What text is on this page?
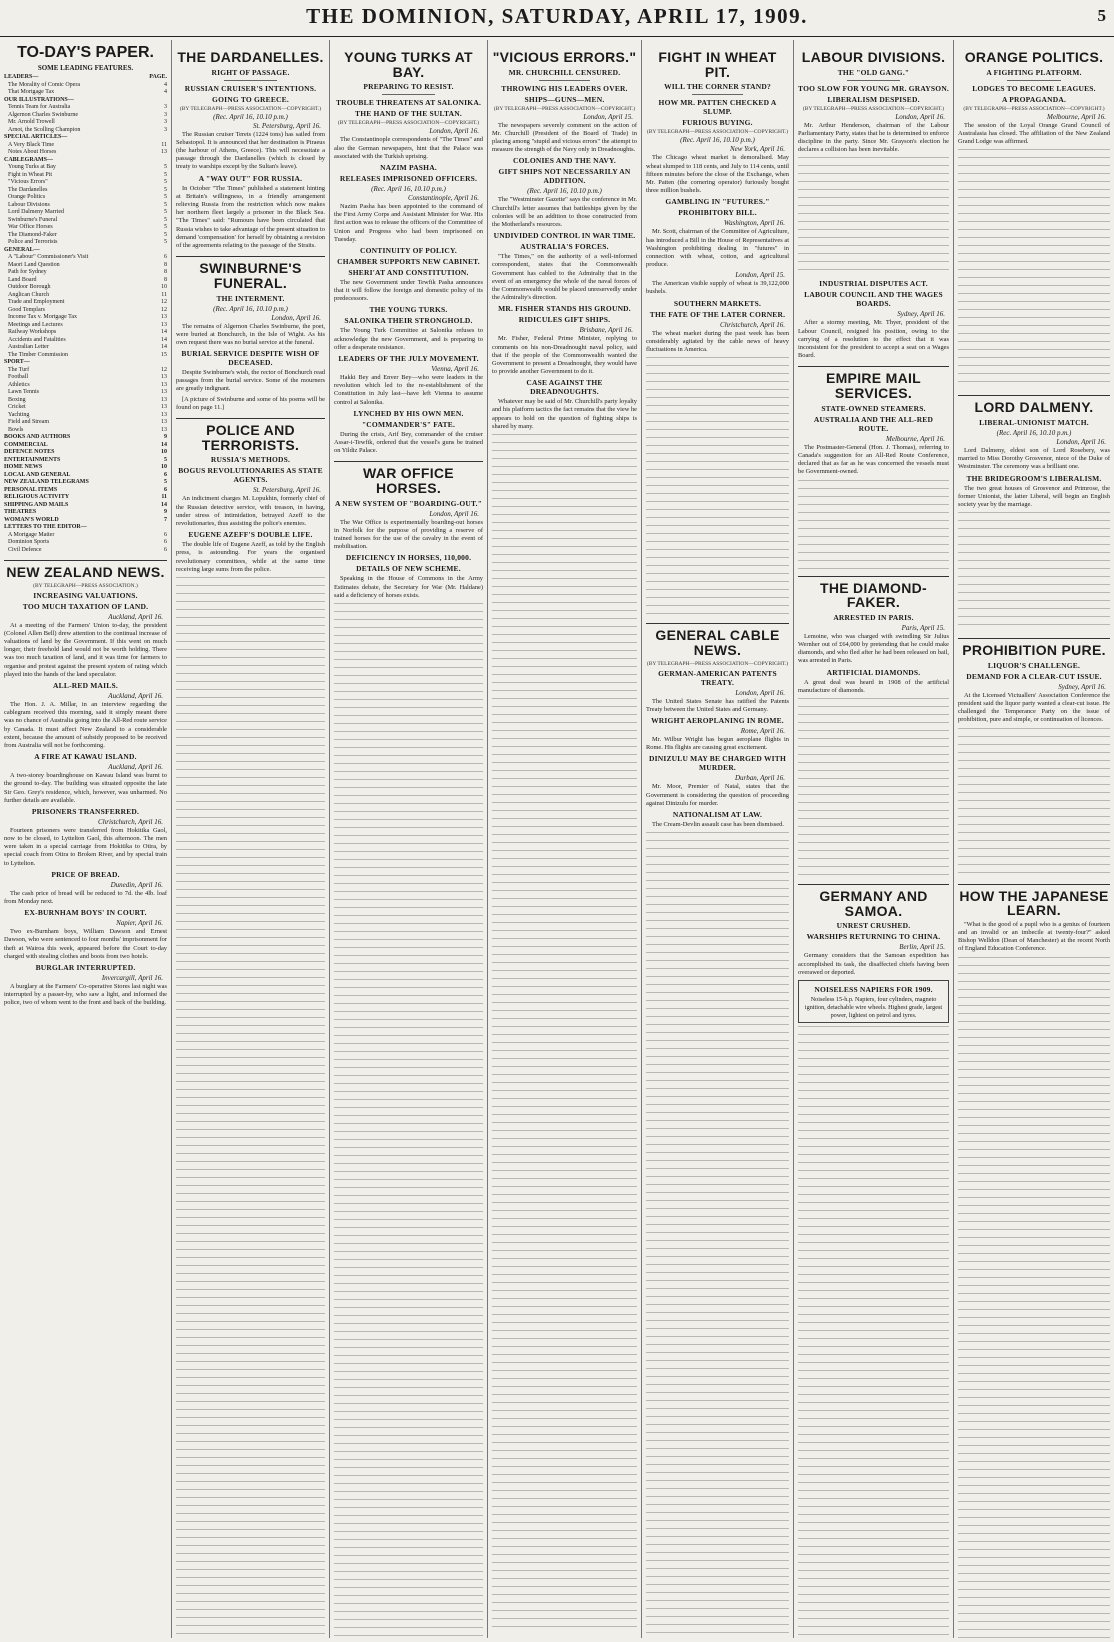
THE DOMINION, SATURDAY, APRIL 17, 1909.	5
TO-DAY'S PAPER.
SOME LEADING FEATURES.
LEADERS—	PAGE.
The Morality of Comic Opera	4
That Mortgage Tax	4
OUR ILLUSTRATIONS—
Tennis Team for Australia	3
Algernon Charles Swinburne	3
Mr. Arnold Trowell	3
Arnot, the Scolling Champion	3
SPECIAL ARTICLES—
A Very Black Time	11
Notes About Horses	13
CABLEGRAMS—
Young Turks at Bay	5
Fight in Wheat Pit	5
"Vicious Errors"	5
The Dardanelles	5
Orange Politics	5
Labour Divisions	5
Lord Dalmeny Married	5
Swinburne's Funeral	5
War Office Horses	5
The Diamond-Faker	5
Police and Terrorists	5
GENERAL—
A "Labour" Commissioner's Visit	6
Maori Land Question	8
Path for Sydney	8
Land Board	8
Outdoor Borough	10
Anglican Church	11
Trade and Employment	12
Good Templars	12
Income Tax v. Mortgage Tax	13
Meetings and Lectures	13
Railway Workshops	14
Accidents and Fatalities	14
Australian Letter	14
The Timber Commission	15
SPORT—
The Turf	12
Football	13
Athletics	13
Lawn Tennis	13
Boxing	13
Cricket	13
Yachting	13
Field and Stream	13
Bowls	13
BOOKS AND AUTHORS	9
COMMERCIAL	14
DEFENCE NOTES	10
ENTERTAINMENTS	5
HOME NEWS	10
LOCAL AND GENERAL	6
NEW ZEALAND TELEGRAMS	5
PERSONAL ITEMS	6
RELIGIOUS ACTIVITY	11
SHIPPING AND MAILS	14
THEATRES	9
WOMAN'S WORLD	7
LETTERS TO THE EDITOR—
A Mortgage Matter	6
Dominion Sports	6
Civil Defence	6
NEW ZEALAND NEWS.
(BY TELEGRAPH—PRESS ASSOCIATION.)
INCREASING VALUATIONS.
TOO MUCH TAXATION OF LAND.
Auckland, April 16.

At a meeting of the Farmers' Union to-day, the president (Colonel Allen Bell) drew attention to the continual increase of valuations of land by the Government. If this went on much longer, their freehold land would not be worth holding. There was too much taxation of land, and it was time for farmers to organise and protest against the present system of rating which played into the hands of the land speculator.

ALL-RED MAILS.
Auckland, April 16.

The Hon. J. A. Millar, in an interview regarding the cablegram received this morning, said it simply meant there was no chance of Australia going into the All-Red route service by Canada. It must affect New Zealand to a considerable extent, because the amount of subsidy proposed to be received from Australia will not be forthcoming.

A FIRE AT KAWAU ISLAND.
Auckland, April 16.

A two-storey boardinghouse on Kawau Island was burnt to the ground to-day. The building was situated opposite the late Sir Geo. Grey's residence, which, however, was unharmed. No further details are available.

PRISONERS TRANSFERRED.
Christchurch, April 16.

Fourteen prisoners were transferred from Hokitika Gaol, now to be closed, to Lyttelton Gaol, this afternoon. The men were taken in a special carriage from Hokitika to Otira, by special coach from Otira to Broken River, and by special train to Lyttelton.

PRICE OF BREAD.
Dunedin, April 16.

The cash price of bread will be reduced to 7d. the 4lb. loaf from Monday next.

EX-BURNHAM BOYS' IN COURT.
Napier, April 16.

Two ex-Burnham boys, William Dawson and Ernest Dawson, who were sentenced to four months' imprisonment for theft at Wairoa this week, appeared before the Court to-day charged with stealing clothes and boots from two hotels.

BURGLAR INTERRUPTED.
Invercargill, April 16.

A burglary at the Farmers' Co-operative Stores last night was interrupted by a passer-by, who saw a light, and informed the police, two of whom went to the front and back of the building.

THE DARDANELLES.
RIGHT OF PASSAGE.
RUSSIAN CRUISER'S INTENTIONS.
GOING TO GREECE.
(BY TELEGRAPH—PRESS ASSOCIATION—COPYRIGHT.)
(Rec. April 16, 10.10 p.m.)
St. Petersburg, April 16.

The Russian cruiser Terets (1224 tons) has sailed from Sebastopol. It is announced that her destination is Piraeus (the harbour of Athens, Greece). This will necessitate a passage through the Dardanelles (which is closed by treaty to warships except by the Sultan's leave).

A "WAY OUT" FOR RUSSIA.

In October "The Times" published a statement hinting at Britain's willingness, in a friendly arrangement relieving Russia from the restriction which now makes her northern fleet largely a prisoner in the Black Sea. "The Times" said: "Rumours have been circulated that Russia wishes to take advantage of the present situation to demand 'compensation' for herself by obtaining a revision of the agreements relating to the passage of the Straits.

SWINBURNE'S FUNERAL.
THE INTERMENT.
(Rec. April 16, 10.10 p.m.)
London, April 16.

The remains of Algernon Charles Swinburne, the poet, were buried at Bonchurch, in the Isle of Wight. As his own request there was no burial service at the funeral.

BURIAL SERVICE DESPITE WISH OF DECEASED.

Despite Swinburne's wish, the rector of Bonchurch read passages from the burial service. Some of the mourners are greatly indignant.

[A picture of Swinburne and some of his poems will be found on page 11.]

POLICE AND TERRORISTS.
RUSSIA'S METHODS.
BOGUS REVOLUTIONARIES AS STATE AGENTS.
St. Petersburg, April 16.

An indictment charges M. Lopukhin, formerly chief of the Russian detective service, with treason, in having, under stress of intimidation, betrayed Azeff to the revolutionaries, thus assisting the police's enemies.

EUGENE AZEFF'S DOUBLE LIFE.

The double life of Eugene Azeff, as told by the English press, is astounding. For years the organised revolutionary committees, while at the same time receiving large sums from the police.

YOUNG TURKS AT BAY.
PREPARING TO RESIST.
TROUBLE THREATENS AT SALONIKA.
THE HAND OF THE SULTAN.
(BY TELEGRAPH—PRESS ASSOCIATION—COPYRIGHT.)
London, April 16.

The Constantinople correspondents of "The Times" and also the German newspapers, hint that the Palace was associated with the Turkish uprising.

NAZIM PASHA.
RELEASES IMPRISONED OFFICERS.
(Rec. April 16, 10.10 p.m.)
Constantinople, April 16.

Nazim Pasha has been appointed to the command of the First Army Corps and Assistant Minister for War. His first action was to release the officers of the Committee of Union and Progress who had been imprisoned on Tuesday.

CONTINUITY OF POLICY.
CHAMBER SUPPORTS NEW CABINET.
SHERI'AT AND CONSTITUTION.

The new Government under Tewfik Pasha announces that it will follow the foreign and domestic policy of its predecessors.

THE YOUNG TURKS.
SALONIKA THEIR STRONGHOLD.

The Young Turk Committee at Salonika refuses to acknowledge the new Government, and is preparing to offer a desperate resistance.

LEADERS OF THE JULY MOVEMENT.
Vienna, April 16.

Hakki Bey and Enver Bey—who were leaders in the revolution which led to the re-establishment of the Constitution in July last—have left Vienna to assume control at Salonika.

LYNCHED BY HIS OWN MEN.
"COMMANDER'S" FATE.

During the crisis, Arif Bey, commander of the cruiser Assar-i-Tewfik, ordered that the vessel's guns be trained on Yildiz Palace.

WAR OFFICE HORSES.
A NEW SYSTEM OF "BOARDING-OUT."
London, April 16.

The War Office is experimentally boarding-out horses in Norfolk for the purpose of providing a reserve of trained horses for the use of the cavalry in the event of mobilisation.

DEFICIENCY IN HORSES, 110,000.
DETAILS OF NEW SCHEME.

Speaking in the House of Commons in the Army Estimates debate, the Secretary for War (Mr. Haldane) said a deficiency of horses exists.

"VICIOUS ERRORS."
MR. CHURCHILL CENSURED.
THROWING HIS LEADERS OVER.
SHIPS—GUNS—MEN.
(BY TELEGRAPH—PRESS ASSOCIATION—COPYRIGHT.)
London, April 15.

The newspapers severely comment on the action of Mr. Churchill (President of the Board of Trade) in placing among "stupid and vicious errors" the attempt to measure the strength of the Navy only in Dreadnoughts.

COLONIES AND THE NAVY.
GIFT SHIPS NOT NECESSARILY AN ADDITION.
(Rec. April 16, 10.10 p.m.)

The "Westminster Gazette" says the conference in Mr. Churchill's letter assumes that battleships given by the colonies will be an addition to those constructed from the Motherland's resources.

UNDIVIDED CONTROL IN WAR TIME.
AUSTRALIA'S FORCES.

"The Times," on the authority of a well-informed correspondent, states that the Commonwealth Government has cabled to the Admiralty that in the event of an emergency the whole of the naval forces of the Commonwealth would be placed unreservedly under the Admiralty's direction.

MR. FISHER STANDS HIS GROUND.
RIDICULES GIFT SHIPS.
Brisbane, April 16.

Mr. Fisher, Federal Prime Minister, replying to comments on his non-Dreadnought naval policy, said that if the people of the Commonwealth wanted the Government to present a Dreadnought, they would have to provide another Government to do it.

CASE AGAINST THE DREADNOUGHTS.

Whatever may be said of Mr. Churchill's party loyalty and his platform tactics the fact remains that the view he appears to hold on the question of fighting ships is shared by many.

FIGHT IN WHEAT PIT.
WILL THE CORNER STAND?
HOW MR. PATTEN CHECKED A SLUMP.
FURIOUS BUYING.
(BY TELEGRAPH—PRESS ASSOCIATION—COPYRIGHT.)
(Rec. April 16, 10.10 p.m.)
New York, April 16.

The Chicago wheat market is demoralised. May wheat slumped to 118 cents, and July to 114 cents, until fifteen minutes before the close of the Exchange, when Mr. Patten (the cornering operator) furiously bought three million bushels.

GAMBLING IN "FUTURES."
PROHIBITORY BILL.
Washington, April 16.

Mr. Scott, chairman of the Committee of Agriculture, has introduced a Bill in the House of Representatives at Washington prohibiting dealing in "futures" in connection with wheat, cotton, and agricultural produce.

London, April 15.

The American visible supply of wheat is 39,122,000 bushels.

SOUTHERN MARKETS.
THE FATE OF THE LATER CORNER.
Christchurch, April 16.

The wheat market during the past week has been considerably agitated by the cable news of heavy fluctuations in America.

GENERAL CABLE NEWS.
(BY TELEGRAPH—PRESS ASSOCIATION—COPYRIGHT.)
GERMAN-AMERICAN PATENTS TREATY.
London, April 16.

The United States Senate has ratified the Patents Treaty between the United States and Germany.

WRIGHT AEROPLANING IN ROME.
Rome, April 16.

Mr. Wilbur Wright has begun aeroplane flights in Rome. His flights are causing great excitement.

DINIZULU MAY BE CHARGED WITH MURDER.
Durban, April 16.

Mr. Moor, Premier of Natal, states that the Government is considering the question of proceeding against Dinizulu for murder.

NATIONALISM AT LAW.

The Cream-Devlin assault case has been dismissed.

LABOUR DIVISIONS.
THE "OLD GANG."
TOO SLOW FOR YOUNG MR. GRAYSON.
LIBERALISM DESPISED.
(BY TELEGRAPH—PRESS ASSOCIATION—COPYRIGHT.)
London, April 16.

Mr. Arthur Henderson, chairman of the Labour Parliamentary Party, states that he is determined to enforce discipline in the party. Since Mr. Grayson's election he declares a collision has been inevitable.

INDUSTRIAL DISPUTES ACT.
LABOUR COUNCIL AND THE WAGES BOARDS.
Sydney, April 16.

After a stormy meeting, Mr. Thyer, president of the Labour Council, resigned his position, owing to the carrying of a resolution to the effect that it was inconsistent for the president to accept a seat on a Wages Board.

EMPIRE MAIL SERVICES.
STATE-OWNED STEAMERS.
AUSTRALIA AND THE ALL-RED ROUTE.
Melbourne, April 16.

The Postmaster-General (Hon. J. Thomas), referring to Canada's suggestion for an All-Red Route Conference, declared that as far as he was concerned the vessels must be Government-owned.

THE DIAMOND-FAKER.
ARRESTED IN PARIS.
Paris, April 15.

Lemoine, who was charged with swindling Sir Julius Wernher out of £64,000 by pretending that he could make diamonds, and who fled after he had been released on bail, was arrested in Paris.

ARTIFICIAL DIAMONDS.

A great deal was heard in 1908 of the artificial manufacture of diamonds.

GERMANY AND SAMOA.
UNREST CRUSHED.
WARSHIPS RETURNING TO CHINA.
Berlin, April 15.

Germany considers that the Samoan expedition has accomplished its task, the disaffected chiefs having been overawed or deported.

NOISELESS NAPIERS FOR 1909.
Noiseless 15-h.p. Napiers, four cylinders, magneto ignition, detachable wire wheels. Highest grade, largest power, lightest on petrol and tyres.
ORANGE POLITICS.
A FIGHTING PLATFORM.
LODGES TO BECOME LEAGUES.
A PROPAGANDA.
(BY TELEGRAPH—PRESS ASSOCIATION—COPYRIGHT.)
Melbourne, April 16.

The session of the Loyal Orange Grand Council of Australasia has closed. The affiliation of the New Zealand Grand Lodge was affirmed.

LORD DALMENY.
LIBERAL-UNIONIST MATCH.
(Rec. April 16, 10.10 p.m.)
London, April 16.

Lord Dalmeny, eldest son of Lord Rosebery, was married to Miss Dorothy Grosvenor, niece of the Duke of Westminster. The ceremony was a brilliant one.

THE BRIDEGROOM'S LIBERALISM.

The two great houses of Grosvenor and Primrose, the former Unionist, the latter Liberal, will begin an English society year by the marriage.

PROHIBITION PURE.
LIQUOR'S CHALLENGE.
DEMAND FOR A CLEAR-CUT ISSUE.
Sydney, April 16.

At the Licensed Victuallers' Association Conference the president said the liquor party wanted a clear-cut issue. He challenged the Temperance Party on the issue of prohibition, pure and simple, or continuation of licences.

HOW THE JAPANESE LEARN.

"What is the good of a pupil who is a genius of fourteen and an invalid or an imbecile at twenty-four?" asked Bishop Welldon (Dean of Manchester) at the recent North of England Education Conference.
